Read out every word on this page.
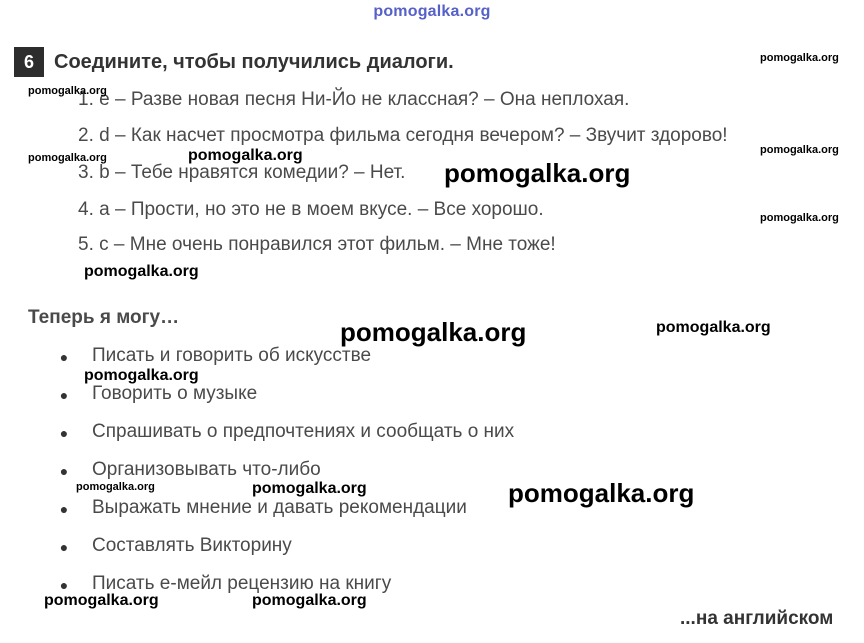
pomogalka.org
6	Соедините, чтобы получились диалоги.
1. e – Разве новая песня Ни-Йо не классная? – Она неплохая.
2. d – Как насчет просмотра фильма сегодня вечером? – Звучит здорово!
3. b – Тебе нравятся комедии? – Нет.
4. a – Прости, но это не в моем вкусе. – Все хорошо.
5. c – Мне очень понравился этот фильм. – Мне тоже!
Теперь я могу…
● Писать и говорить об искусстве
● Говорить о музыке
● Спрашивать о предпочтениях и сообщать о них
● Организовывать что-либо
● Выражать мнение и давать рекомендации
● Составлять Викторину
● Писать е-мейл рецензию на книгу
...на английском
pomogalka.org
pomogalka.org
pomogalka.org
pomogalka.org	pomogalka.org
pomogalka.org
pomogalka.org
pomogalka.org
pomogalka.org	pomogalka.org
pomogalka.org
pomogalka.org	pomogalka.org	pomogalka.org
pomogalka.org	pomogalka.org
